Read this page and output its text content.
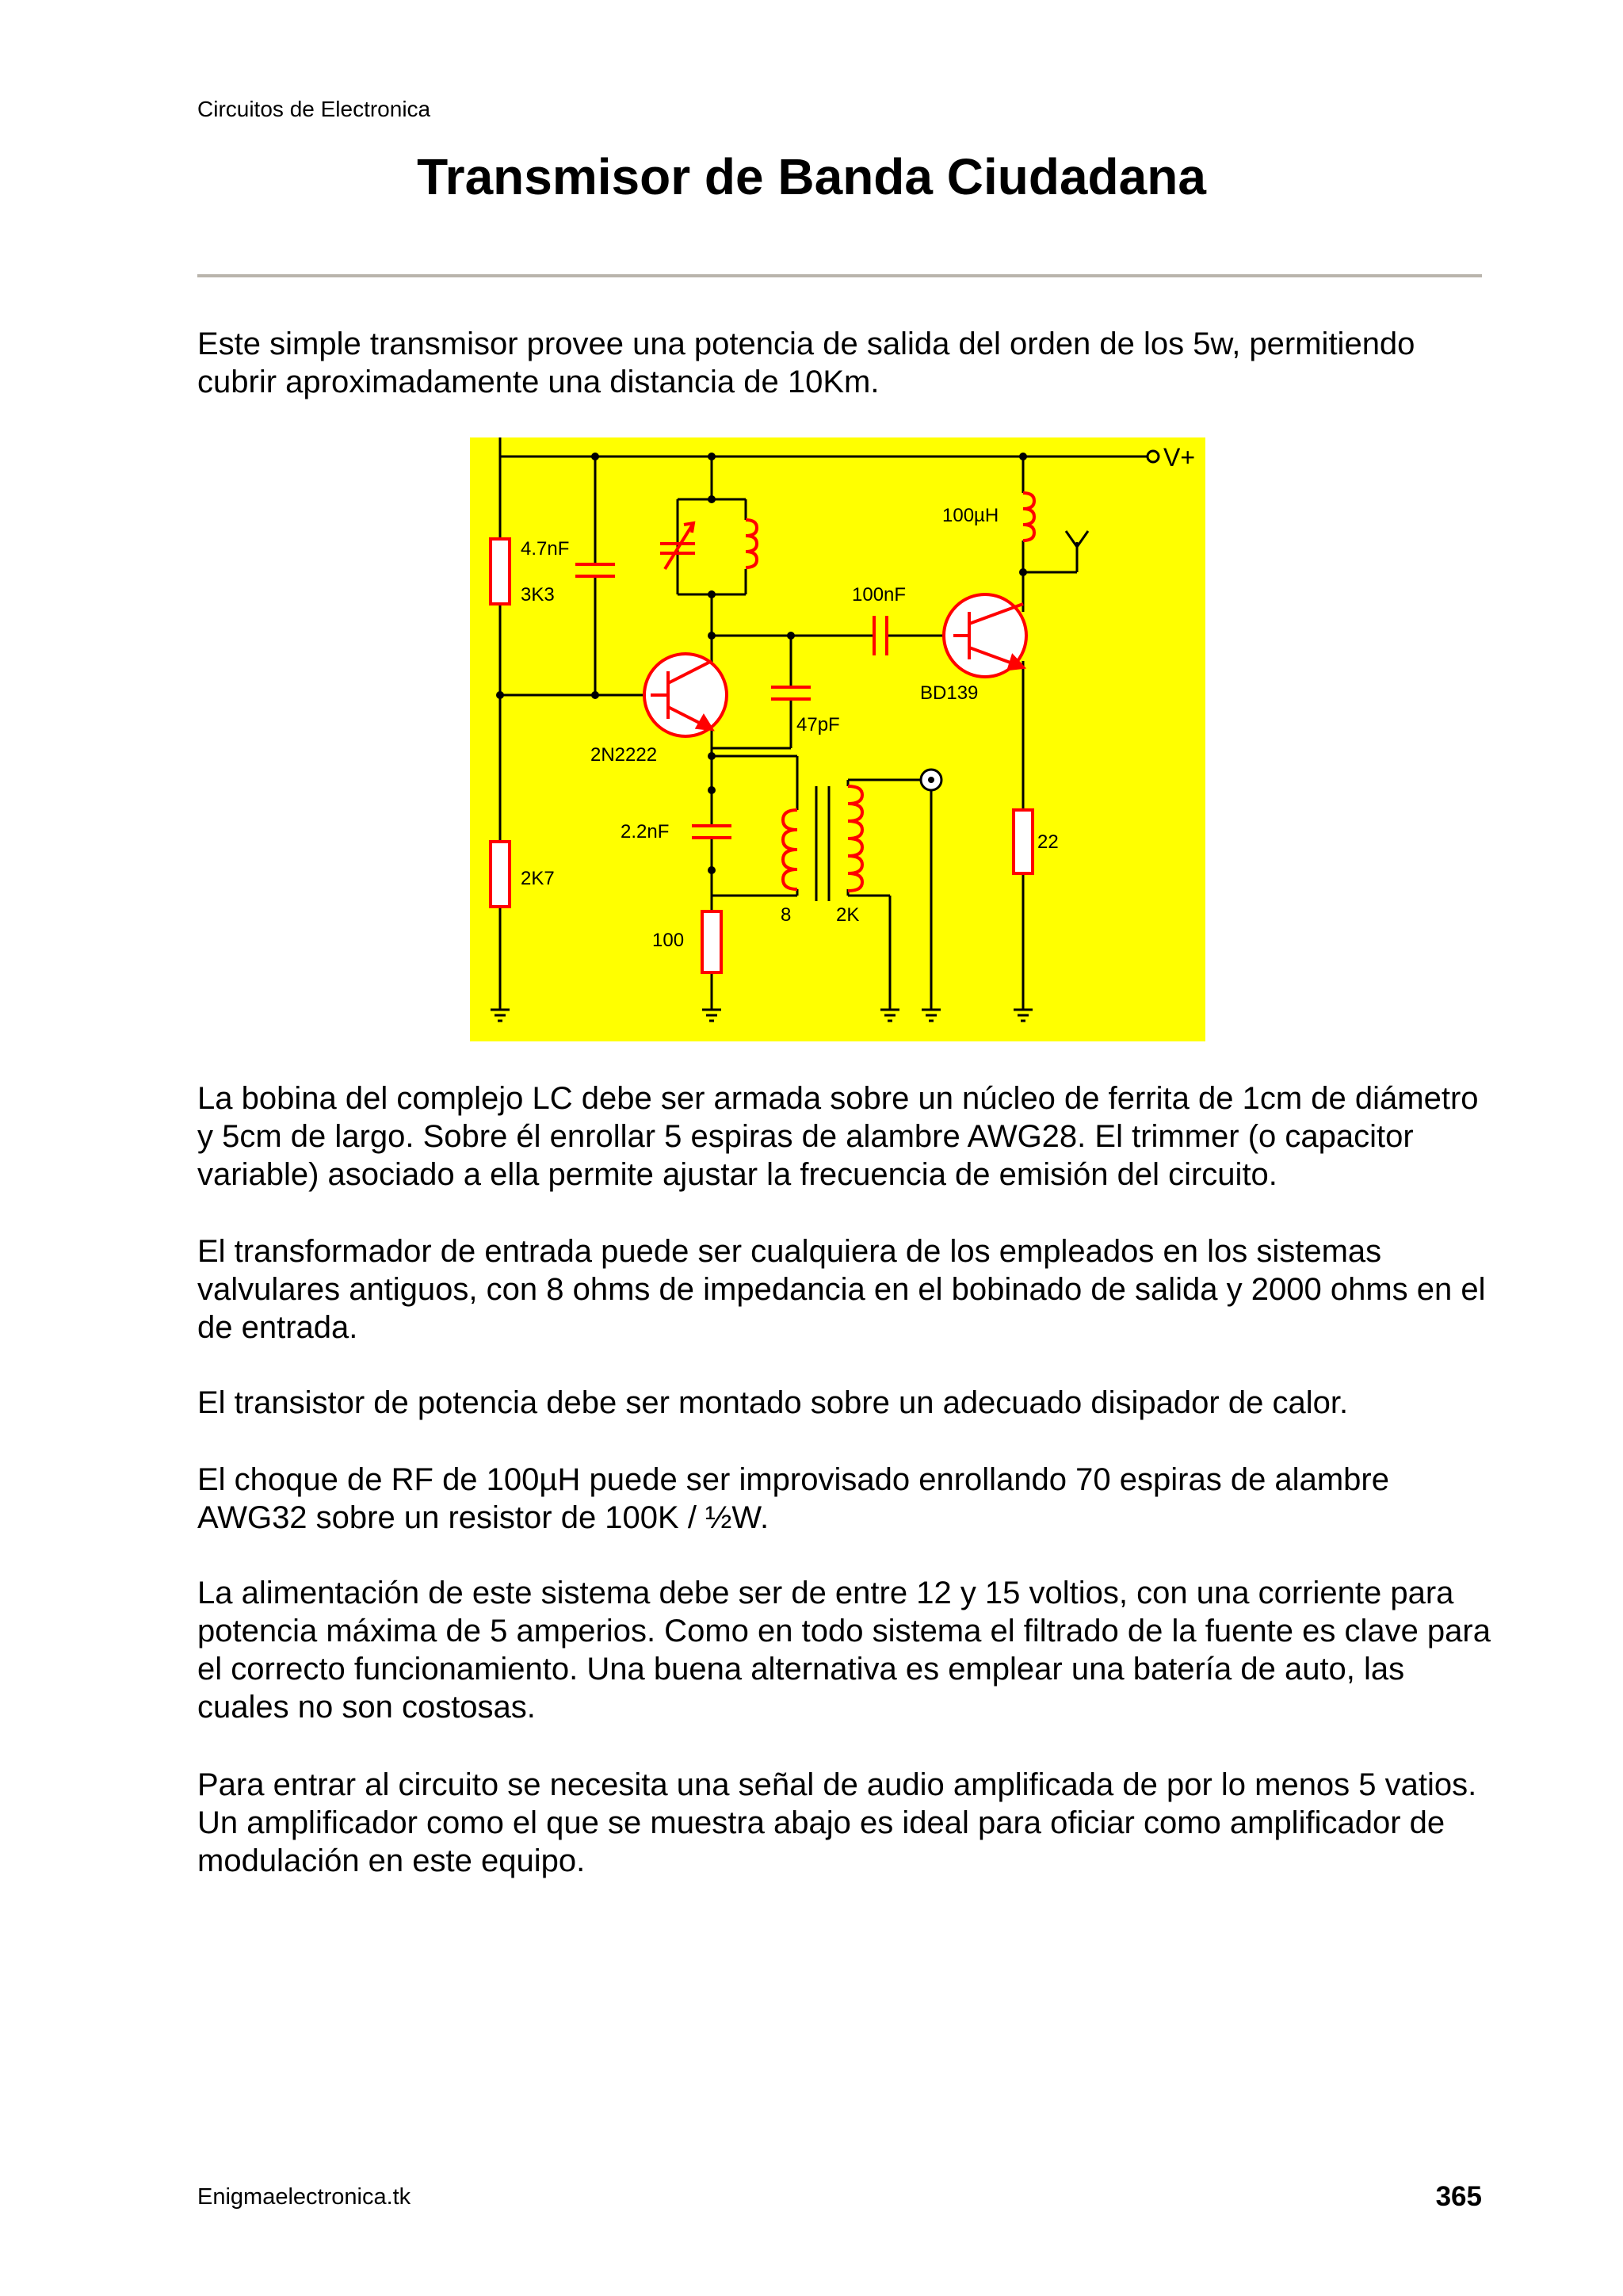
Circuitos de Electronica
Transmisor de Banda Ciudadana

Este simple transmisor provee una potencia de salida del orden de los 5w, permitiendo cubrir aproximadamente una distancia de 10Km.

V+
4.7nF
3K3
2K7
2N2222
47pF
2.2nF
100
8 2K
100nF
100µH
BD139
22

La bobina del complejo LC debe ser armada sobre un núcleo de ferrita de 1cm de diámetro y 5cm de largo. Sobre él enrollar 5 espiras de alambre AWG28. El trimmer (o capacitor variable) asociado a ella permite ajustar la frecuencia de emisión del circuito.

El transformador de entrada puede ser cualquiera de los empleados en los sistemas valvulares antiguos, con 8 ohms de impedancia en el bobinado de salida y 2000 ohms en el de entrada.

El transistor de potencia debe ser montado sobre un adecuado disipador de calor.

El choque de RF de 100µH puede ser improvisado enrollando 70 espiras de alambre AWG32 sobre un resistor de 100K / ½W.

La alimentación de este sistema debe ser de entre 12 y 15 voltios, con una corriente para potencia máxima de 5 amperios. Como en todo sistema el filtrado de la fuente es clave para el correcto funcionamiento. Una buena alternativa es emplear una batería de auto, las cuales no son costosas.

Para entrar al circuito se necesita una señal de audio amplificada de por lo menos 5 vatios. Un amplificador como el que se muestra abajo es ideal para oficiar como amplificador de modulación en este equipo.

Enigmaelectronica.tk	365
